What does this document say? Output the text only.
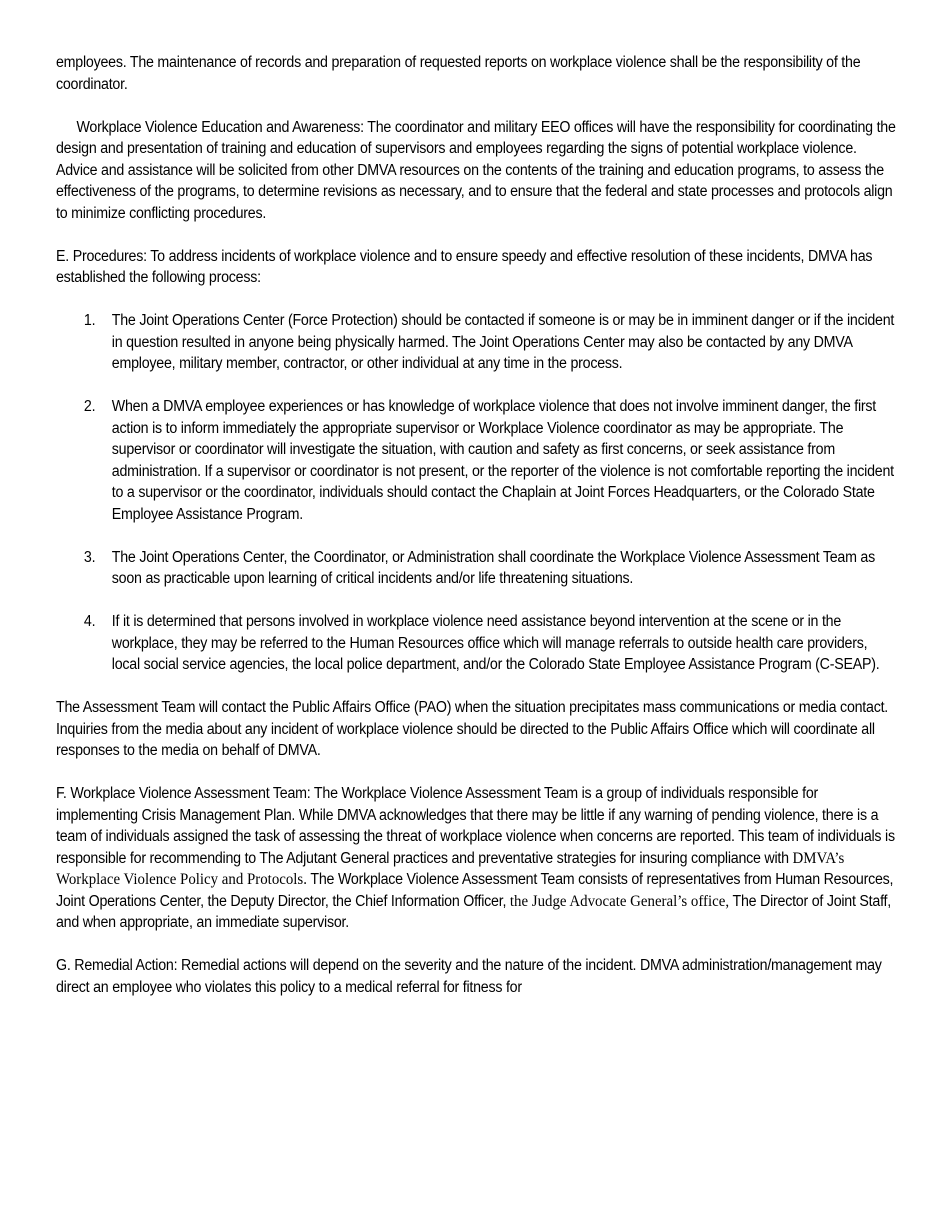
employees. The maintenance of records and preparation of requested reports on workplace violence shall be the responsibility of the coordinator.

Workplace Violence Education and Awareness: The coordinator and military EEO offices will have the responsibility for coordinating the design and presentation of training and education of supervisors and employees regarding the signs of potential workplace violence. Advice and assistance will be solicited from other DMVA resources on the contents of the training and education programs, to assess the effectiveness of the programs, to determine revisions as necessary, and to ensure that the federal and state processes and protocols align to minimize conflicting procedures.

E. Procedures: To address incidents of workplace violence and to ensure speedy and effective resolution of these incidents, DMVA has established the following process:

1. The Joint Operations Center (Force Protection) should be contacted if someone is or may be in imminent danger or if the incident in question resulted in anyone being physically harmed. The Joint Operations Center may also be contacted by any DMVA employee, military member, contractor, or other individual at any time in the process.
2. When a DMVA employee experiences or has knowledge of workplace violence that does not involve imminent danger, the first action is to inform immediately the appropriate supervisor or Workplace Violence coordinator as may be appropriate. The supervisor or coordinator will investigate the situation, with caution and safety as first concerns, or seek assistance from administration. If a supervisor or coordinator is not present, or the reporter of the violence is not comfortable reporting the incident to a supervisor or the coordinator, individuals should contact the Chaplain at Joint Forces Headquarters, or the Colorado State Employee Assistance Program.
3. The Joint Operations Center, the Coordinator, or Administration shall coordinate the Workplace Violence Assessment Team as soon as practicable upon learning of critical incidents and/or life threatening situations.
4. If it is determined that persons involved in workplace violence need assistance beyond intervention at the scene or in the workplace, they may be referred to the Human Resources office which will manage referrals to outside health care providers, local social service agencies, the local police department, and/or the Colorado State Employee Assistance Program (C-SEAP).

The Assessment Team will contact the Public Affairs Office (PAO) when the situation precipitates mass communications or media contact. Inquiries from the media about any incident of workplace violence should be directed to the Public Affairs Office which will coordinate all responses to the media on behalf of DMVA.

F. Workplace Violence Assessment Team: The Workplace Violence Assessment Team is a group of individuals responsible for implementing Crisis Management Plan. While DMVA acknowledges that there may be little if any warning of pending violence, there is a team of individuals assigned the task of assessing the threat of workplace violence when concerns are reported. This team of individuals is responsible for recommending to The Adjutant General practices and preventative strategies for insuring compliance with DMVA’s Workplace Violence Policy and Protocols. The Workplace Violence Assessment Team consists of representatives from Human Resources, Joint Operations Center, the Deputy Director, the Chief Information Officer, the Judge Advocate General’s office, The Director of Joint Staff, and when appropriate, an immediate supervisor.

G. Remedial Action: Remedial actions will depend on the severity and the nature of the incident. DMVA administration/management may direct an employee who violates this policy to a medical referral for fitness for
